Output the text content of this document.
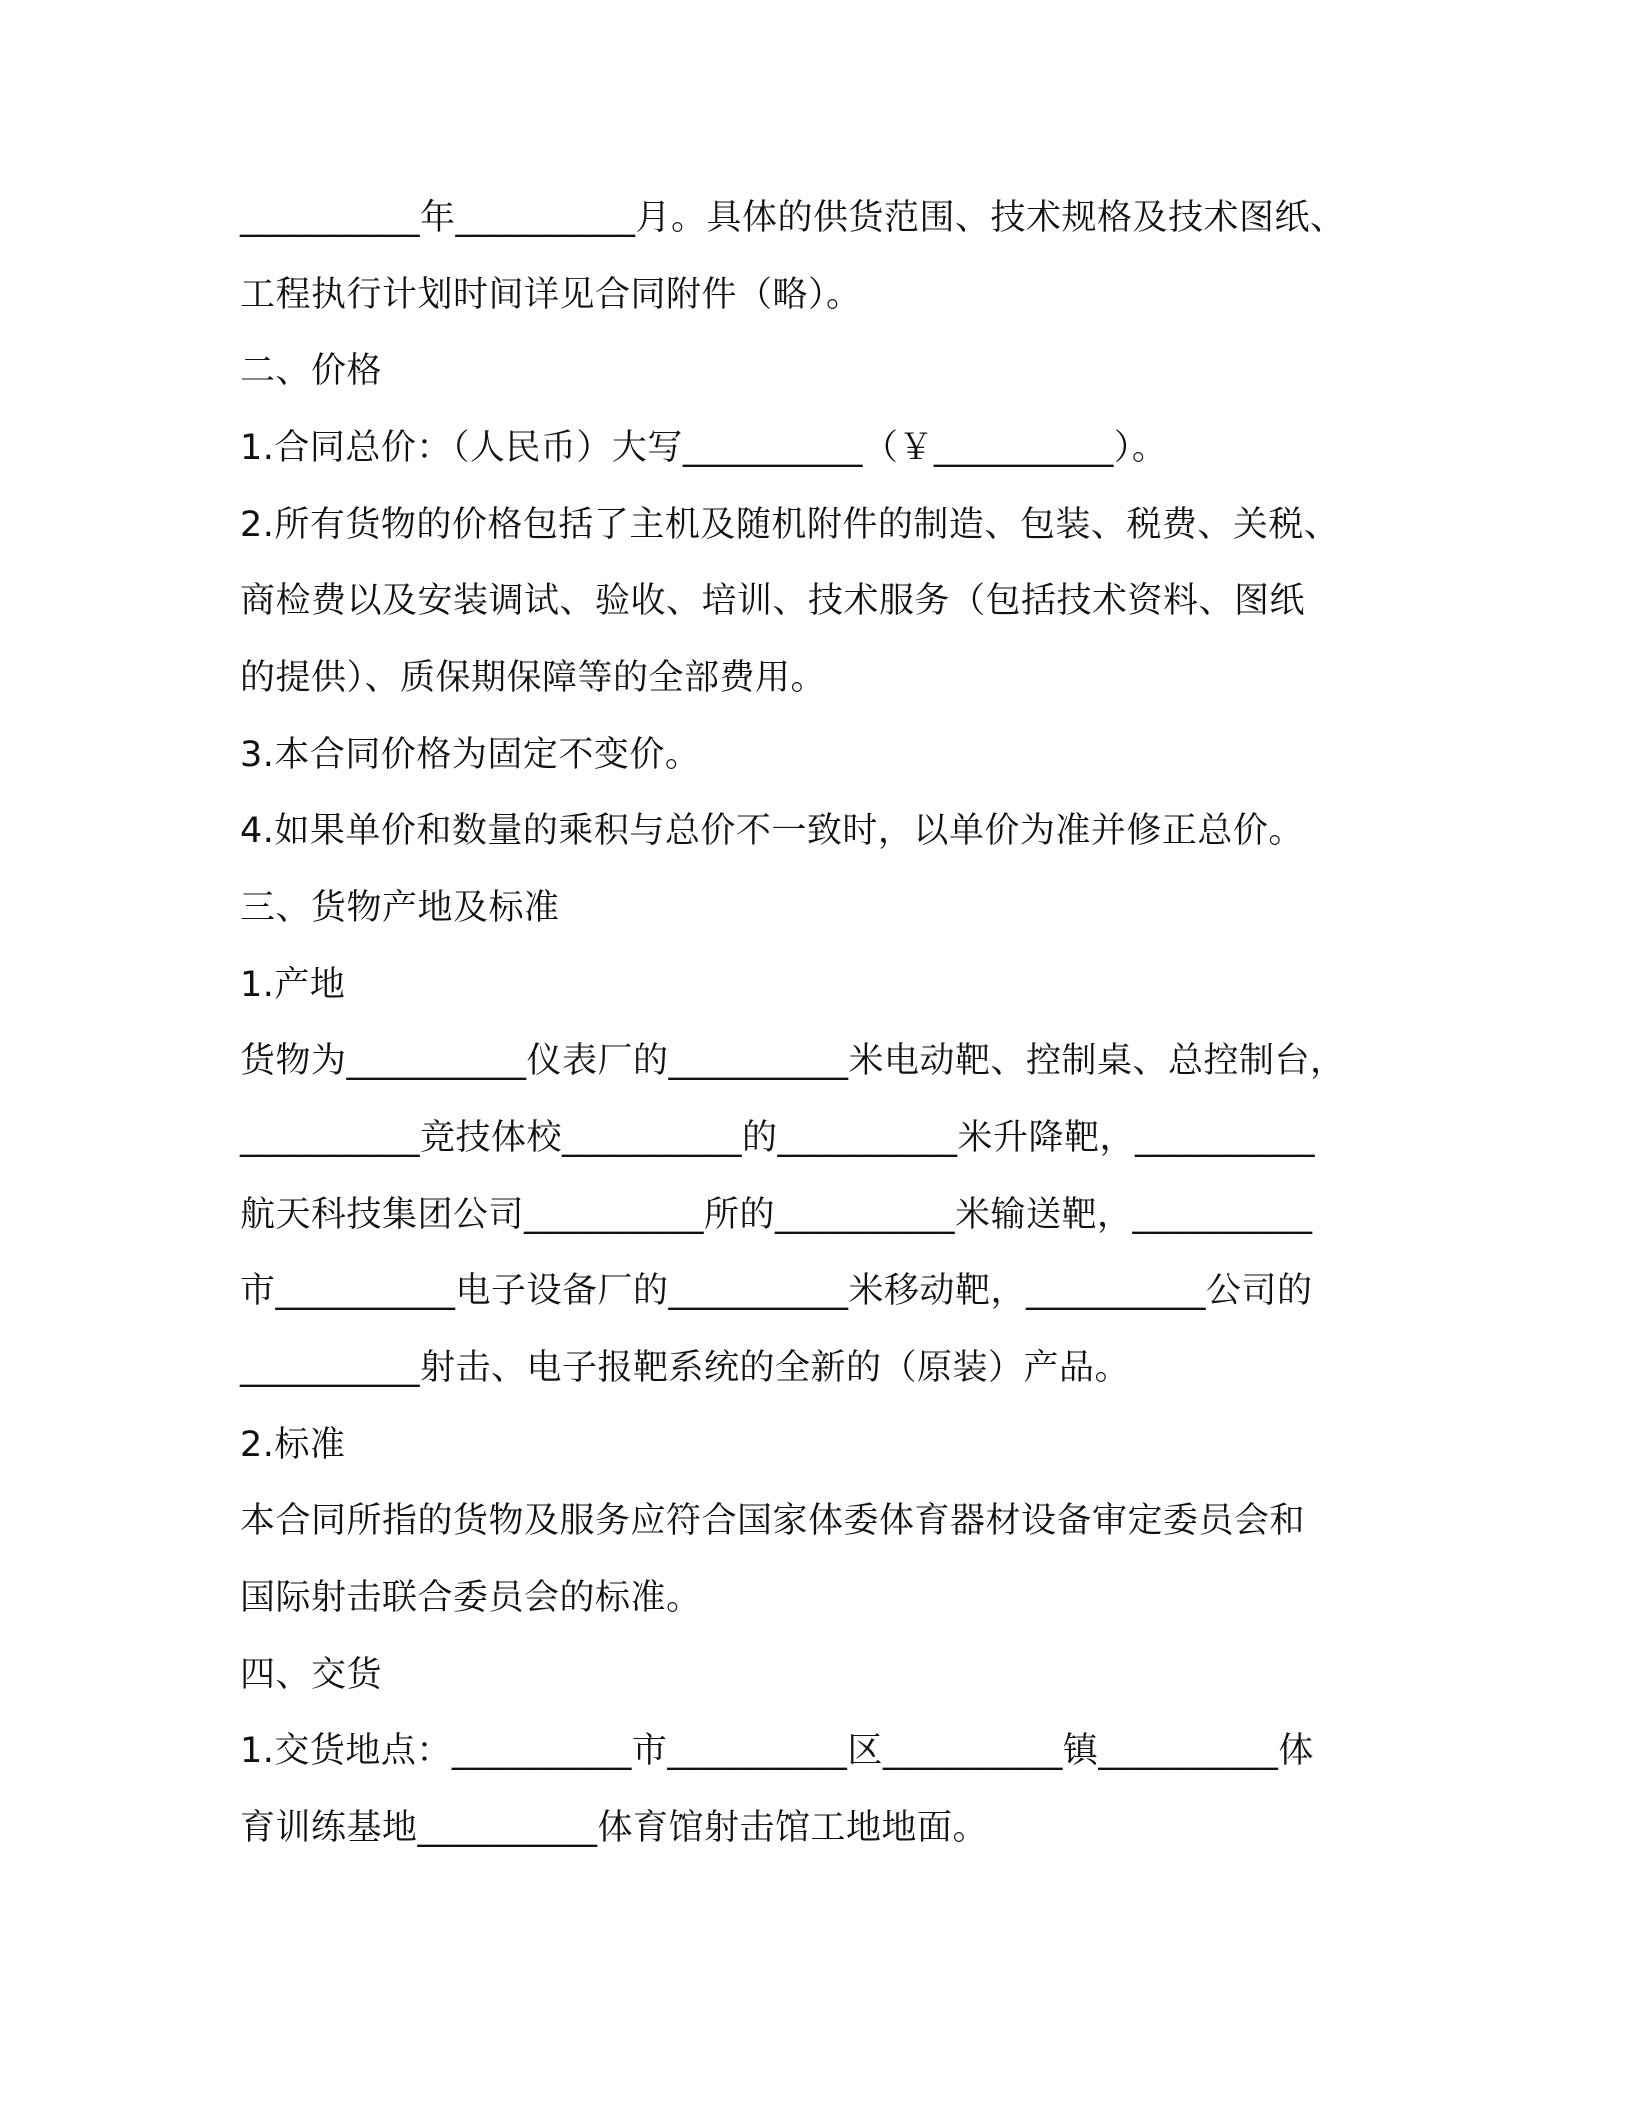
__________年__________月。具体的供货范围、技术规格及技术图纸、
工程执行计划时间详见合同附件（略）。
二、价格
1.合同总价：（人民币）大写__________（￥__________）。
2.所有货物的价格包括了主机及随机附件的制造、包装、税费、关税、
商检费以及安装调试、验收、培训、技术服务（包括技术资料、图纸
的提供）、质保期保障等的全部费用。
3.本合同价格为固定不变价。
4.如果单价和数量的乘积与总价不一致时，以单价为准并修正总价。
三、货物产地及标准
1.产地
货物为__________仪表厂的__________米电动靶、控制桌、总控制台，
__________竞技体校__________的__________米升降靶，__________
航天科技集团公司__________所的__________米输送靶，__________
市__________电子设备厂的__________米移动靶，__________公司的
__________射击、电子报靶系统的全新的（原装）产品。
2.标准
本合同所指的货物及服务应符合国家体委体育器材设备审定委员会和
国际射击联合委员会的标准。
四、交货
1.交货地点：__________市__________区__________镇__________体
育训练基地__________体育馆射击馆工地地面。
